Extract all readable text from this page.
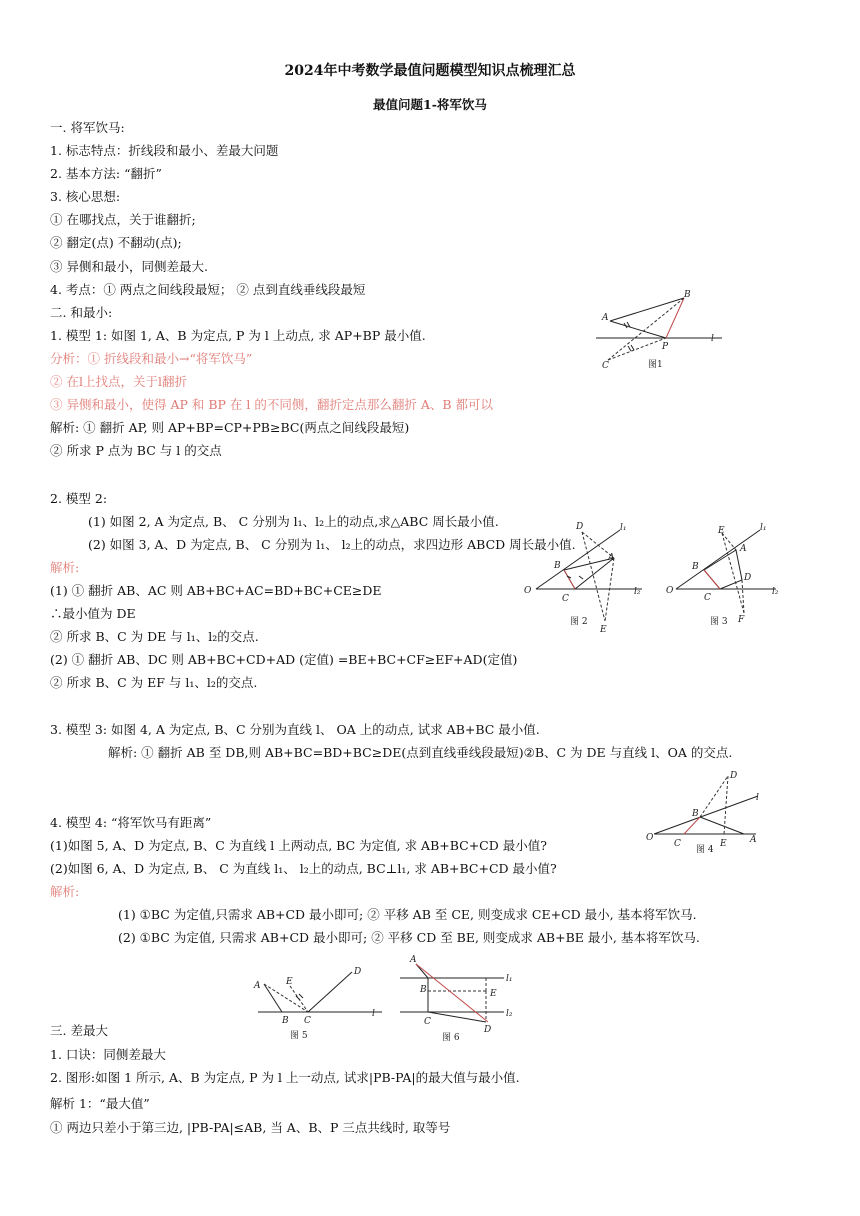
2024年中考数学最值问题模型知识点梳理汇总
最值问题1-将军饮马
一. 将军饮马:
1. 标志特点：折线段和最小、差最大问题
2. 基本方法: “翻折”
3. 核心思想:
① 在哪找点，关于谁翻折;
② 翻定(点) 不翻动(点);
③ 异侧和最小，同侧差最大.
4. 考点：① 两点之间线段最短； ② 点到直线垂线段最短
二. 和最小:
1. 模型 1: 如图 1, A、B 为定点, P 为 l 上动点, 求 AP+BP 最小值.
分析：① 折线段和最小→“将军饮马”
② 在l上找点，关于l翻折
③ 异侧和最小，使得 AP 和 BP 在 l 的不同侧，翻折定点那么翻折 A、B 都可以
解析: ① 翻折 AP, 则 AP+BP=CP+PB≥BC(两点之间线段最短)
② 所求 P 点为 BC 与 l 的交点
2. 模型 2:
(1) 如图 2, A 为定点, B、 C 分别为 l₁、l₂上的动点,求△ABC 周长最小值.
(2) 如图 3, A、D 为定点, B、 C 分别为 l₁、 l₂上的动点，求四边形 ABCD 周长最小值.
解析:
(1) ① 翻折 AB、AC 则 AB+BC+AC=BD+BC+CE≥DE
∴最小值为 DE
② 所求 B、C 为 DE 与 l₁、l₂的交点.
(2) ① 翻折 AB、DC 则 AB+BC+CD+AD (定值) =BE+BC+CF≥EF+AD(定值)
② 所求 B、C 为 EF 与 l₁、l₂的交点.
3. 模型 3: 如图 4, A 为定点, B、C 分别为直线 l、 OA 上的动点, 试求 AB+BC 最小值.
解析: ① 翻折 AB 至 DB,则 AB+BC=BD+BC≥DE(点到直线垂线段最短)②B、C 为 DE 与直线 l、OA 的交点.
4. 模型 4: “将军饮马有距离”
(1)如图 5, A、D 为定点, B、C 为直线 l 上两动点, BC 为定值, 求 AB+BC+CD 最小值?
(2)如图 6, A、D 为定点, B、 C 为直线 l₁、 l₂上的动点, BC⊥l₁, 求 AB+BC+CD 最小值?
解析:
(1) ①BC 为定值,只需求 AB+CD 最小即可; ② 平移 AB 至 CE, 则变成求 CE+CD 最小, 基本将军饮马.
(2) ①BC 为定值, 只需求 AB+CD 最小即可; ② 平移 CD 至 BE, 则变成求 AB+BE 最小, 基本将军饮马.
三. 差最大
1. 口诀：同侧差最大
2. 图形:如图 1 所示, A、B 为定点, P 为 l 上一动点, 试求|PB-PA|的最大值与最小值.
解析 1：“最大值”
① 两边只差小于第三边, |PB-PA|≤AB, 当 A、B、P 三点共线时, 取等号
A
B
P
C
l
图1
D	l₁
A
B
O
C
l₂
E
图 2
E	l₁
A
B
D
O
C
l₂
F
图 3
D
l
B
O
C	E	A
图 4
A	E
D
B C
l
图 5
A
l₁
B	E
C
D
l₂
图 6
